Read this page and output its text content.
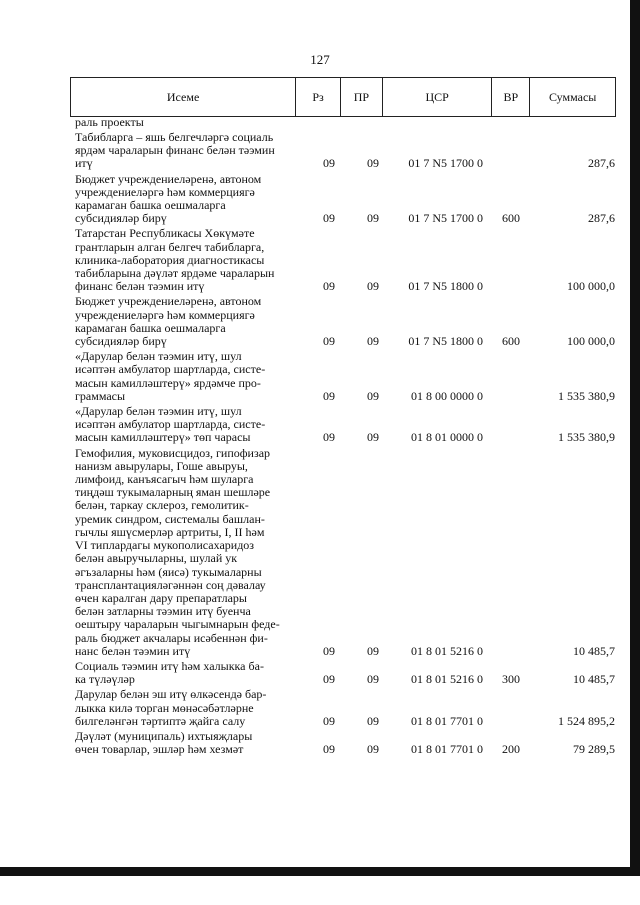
127
Исеме	Рз	ПР	ЦСР	ВР	Суммасы
раль проекты
Табибларга – яшь белгечләргә социаль
ярдәм чараларын финанс белән тәэмин
итү	09	09	01 7 N5 1700 0	287,6
Бюджет учреждениеләренә, автоном
учреждениеләргә һәм коммерциягә
карамаган башка оешмаларга
субсидияләр бирү	09	09	01 7 N5 1700 0	600	287,6
Татарстан Республикасы Хөкүмәте
грантларын алган белгеч табибларга,
клиника-лаборатория диагностикасы
табибларына дәүләт ярдәме чараларын
финанс белән тәэмин итү	09	09	01 7 N5 1800 0	100 000,0
Бюджет учреждениеләренә, автоном
учреждениеләргә һәм коммерциягә
карамаган башка оешмаларга
субсидияләр бирү	09	09	01 7 N5 1800 0	600	100 000,0
«Дарулар белән тәэмин итү, шул
исәптән амбулатор шартларда, систе-
масын камилләштерү» ярдәмче про-
граммасы	09	09	01 8 00 0000 0	1 535 380,9
«Дарулар белән тәэмин итү, шул
исәптән амбулатор шартларда, систе-
масын камилләштерү» төп чарасы	09	09	01 8 01 0000 0	1 535 380,9
Гемофилия, муковисцидоз, гипофизар
нанизм авырулары, Гоше авыруы,
лимфоид, канъясагыч һәм шуларга
тиңдәш тукымаларның яман шешләре
белән, таркау склероз, гемолитик-
уремик синдром, системалы башлан-
гычлы яшүсмерләр артриты, I, II һәм
VI типлардагы мукополисахаридоз
белән авыручыларны, шулай ук
әгъзаларны һәм (яисә) тукымаларны
трансплантацияләгәннән соң дәвалау
өчен каралган дару препаратлары
белән затларны тәэмин итү буенча
оештыру чараларын чыгымнарын феде-
раль бюджет акчалары исәбеннән фи-
нанс белән тәэмин итү	09	09	01 8 01 5216 0	10 485,7
Социаль тәэмин итү һәм халыкка ба-
ка түләүләр	09	09	01 8 01 5216 0	300	10 485,7
Дарулар белән эш итү өлкәсендә бар-
лыкка килә торган мөнәсәбәтләрне
билгеләнгән тәртиптә җайга салу	09	09	01 8 01 7701 0	1 524 895,2
Дәүләт (муниципаль) ихтыяҗлары
өчен товарлар, эшләр һәм хезмәт	09	09	01 8 01 7701 0	200	79 289,5
